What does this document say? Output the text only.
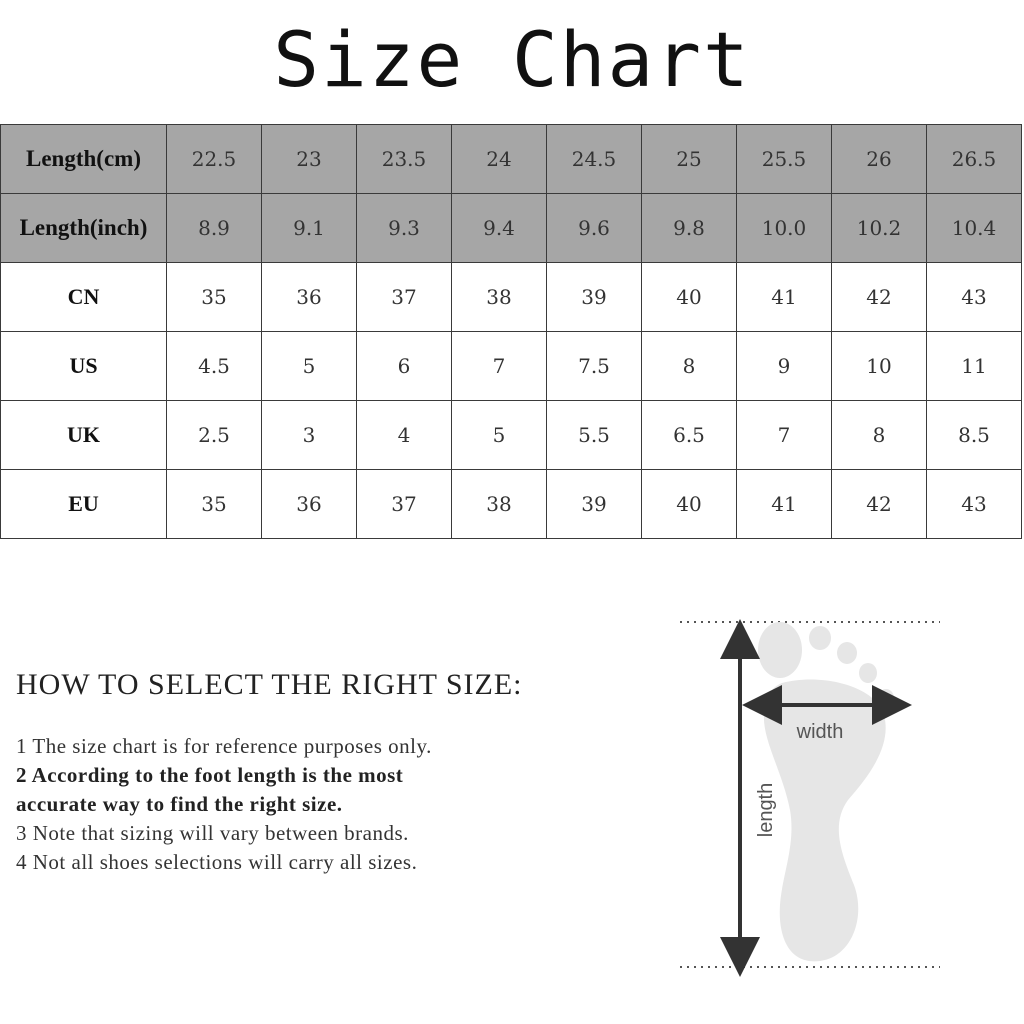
Size Chart
Length(cm)	22.5	23	23.5	24	24.5	25	25.5	26	26.5
Length(inch)	8.9	9.1	9.3	9.4	9.6	9.8	10.0	10.2	10.4
CN	35	36	37	38	39	40	41	42	43
US	4.5	5	6	7	7.5	8	9	10	11
UK	2.5	3	4	5	5.5	6.5	7	8	8.5
EU	35	36	37	38	39	40	41	42	43
HOW TO SELECT THE RIGHT SIZE:
1 The size chart is for reference purposes only.
2 According to the foot length is the most
accurate way to find the right size.
3 Note that sizing will vary between brands.
4 Not all shoes selections will carry all sizes.
width
length
